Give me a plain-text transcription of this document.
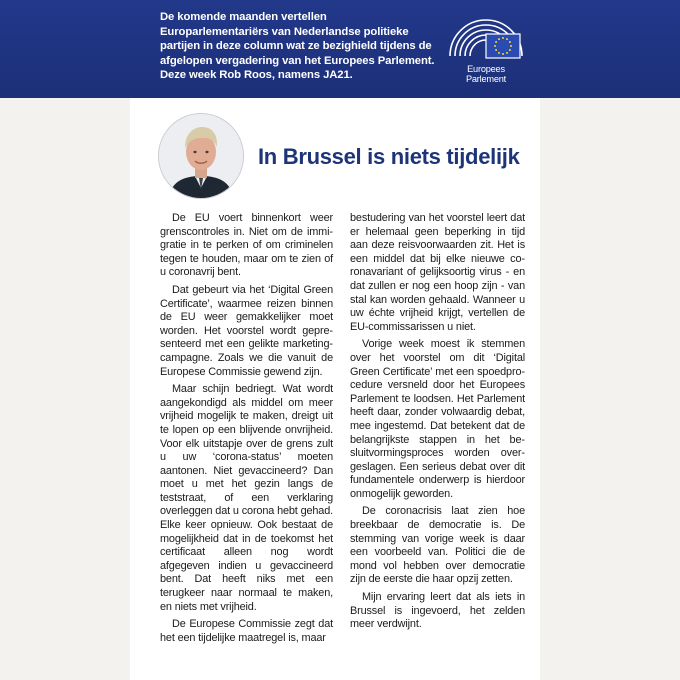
De komende maanden vertellen Europarlementariërs van Nederlandse politieke partijen in deze column wat ze bezighield tijdens de afgelopen vergadering van het Europees Parlement. Deze week Rob Roos, namens JA21.
Europees Parlement
In Brussel is niets tijdelijk

De EU voert binnenkort weer grenscontroles in. Niet om de immigratie in te perken of om criminelen tegen te houden, maar om te zien of u coronavrij bent.

Dat gebeurt via het ‘Digital Green Certificate’, waarmee reizen binnen de EU weer gemakkelijker moet worden. Het voorstel wordt gepresenteerd met een gelikte marketingcampagne. Zoals we die vanuit de Europese Commissie gewend zijn.

Maar schijn bedriegt. Wat wordt aangekondigd als middel om meer vrijheid mogelijk te maken, dreigt uit te lopen op een blijvende onvrijheid. Voor elk uitstapje over de grens zult u uw ‘corona-status’ moeten aantonen. Niet gevaccineerd? Dan moet u met het gezin langs de teststraat, of een verklaring overleggen dat u corona hebt gehad. Elke keer opnieuw. Ook bestaat de mogelijkheid dat in de toekomst het certificaat alleen nog wordt afgegeven indien u gevaccineerd bent. Dat heeft niks met een terugkeer naar normaal te maken, en niets met vrijheid.

De Europese Commissie zegt dat het een tijdelijke maatregel is, maar

bestudering van het voorstel leert dat er helemaal geen beperking in tijd aan deze reisvoorwaarden zit. Het is een middel dat bij elke nieuwe coronavariant of gelijksoortig virus - en dat zullen er nog een hoop zijn - van stal kan worden gehaald. Wanneer u uw échte vrijheid krijgt, vertellen de EU-commissarissen u niet.

Vorige week moest ik stemmen over het voorstel om dit ‘Digital Green Certificate’ met een spoedprocedure versneld door het Europees Parlement te loodsen. Het Parlement heeft daar, zonder volwaardig debat, mee ingestemd. Dat betekent dat de belangrijkste stappen in het besluitvormingsproces worden overgeslagen. Een serieus debat over dit fundamentele onderwerp is hierdoor onmogelijk geworden.

De coronacrisis laat zien hoe breekbaar de democratie is. De stemming van vorige week is daar een voorbeeld van. Politici die de mond vol hebben over democratie zijn de eerste die haar opzij zetten.

Mijn ervaring leert dat als iets in Brussel is ingevoerd, het zelden meer verdwijnt.
